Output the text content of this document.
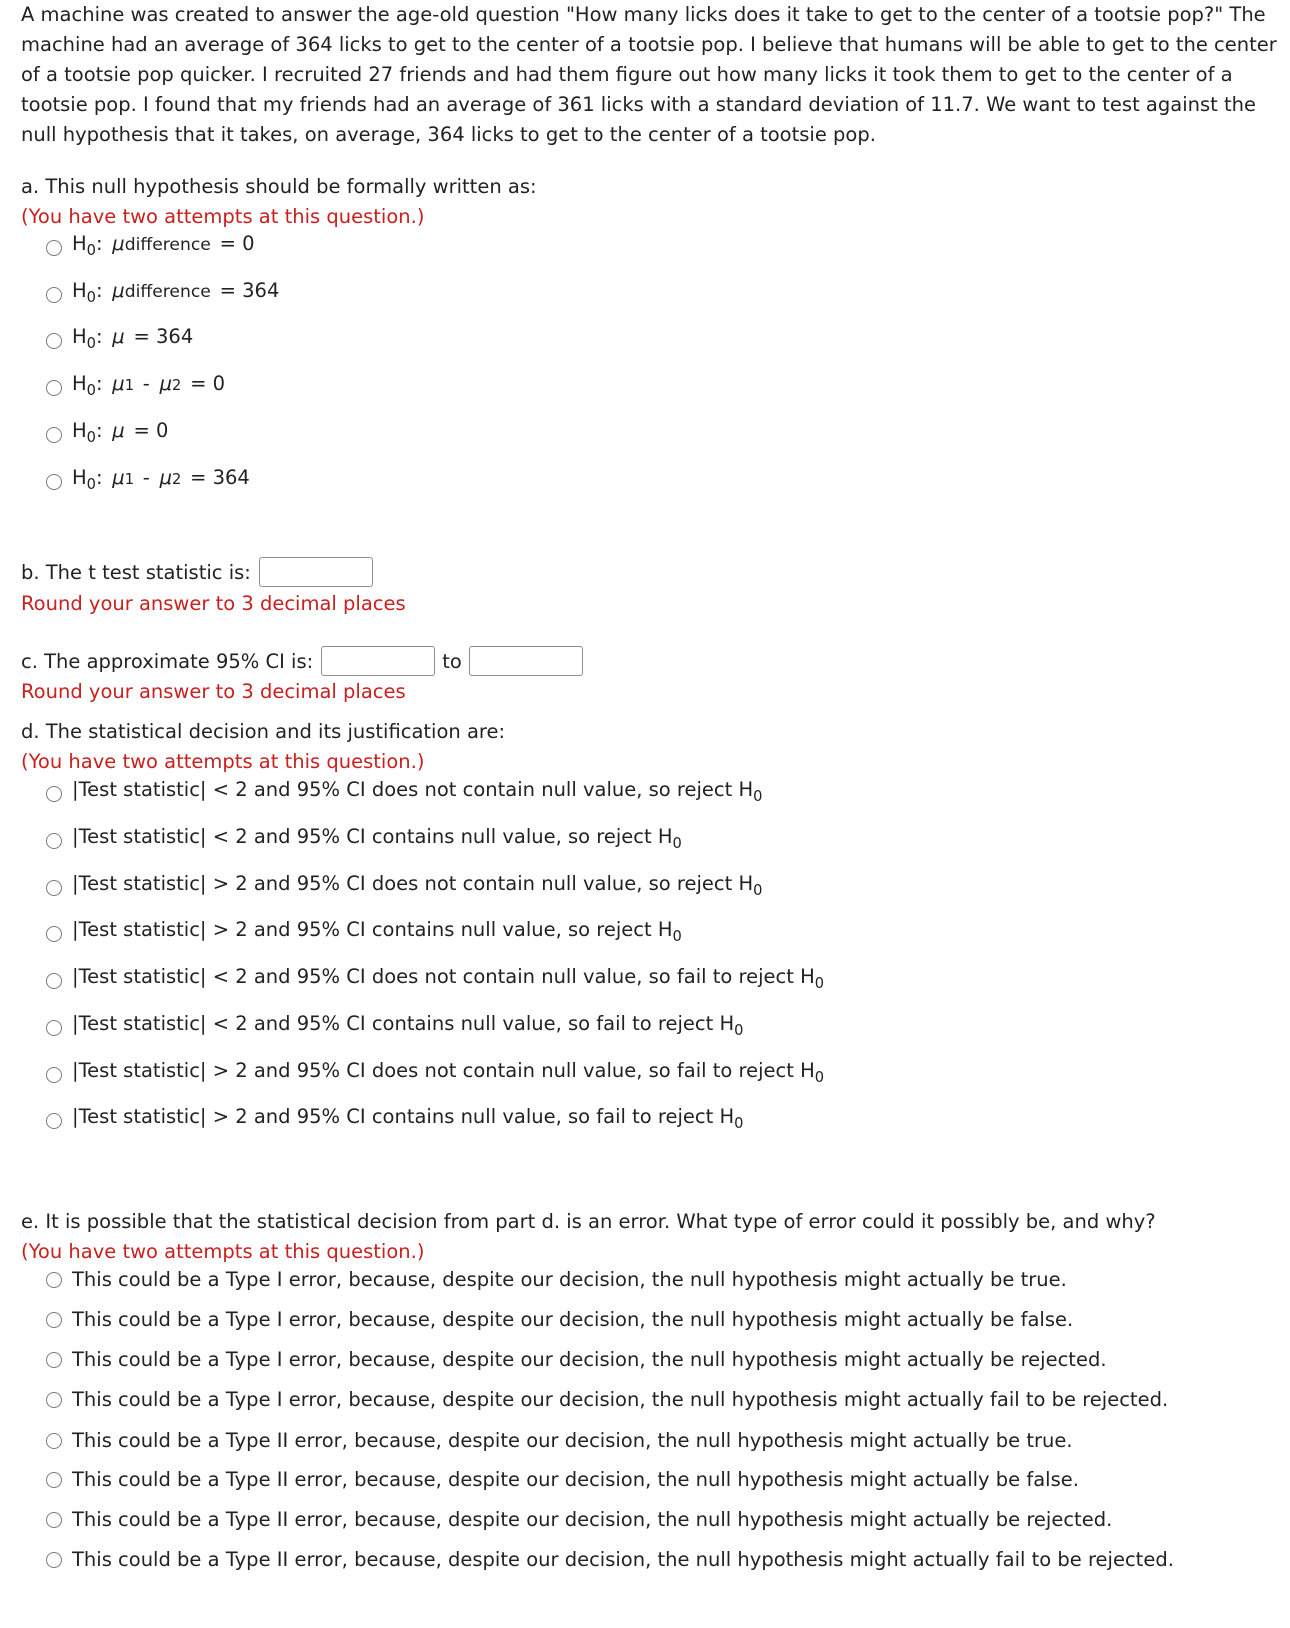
A machine was created to answer the age-old question "How many licks does it take to get to the center of a tootsie pop?" The machine had an average of 364 licks to get to the center of a tootsie pop. I believe that humans will be able to get to the center of a tootsie pop quicker. I recruited 27 friends and had them figure out how many licks it took them to get to the center of a tootsie pop. I found that my friends had an average of 361 licks with a standard deviation of 11.7. We want to test against the null hypothesis that it takes, on average, 364 licks to get to the center of a tootsie pop.

a. This null hypothesis should be formally written as:
(You have two attempts at this question.)
$H_0$: μ difference = 0
$H_0$: μ difference = 364
$H_0$: μ = 364
$H_0$: μ 1 - μ 2 = 0
$H_0$: μ = 0
$H_0$: μ 1 - μ 2 = 364
b. The t test statistic is:
Round your answer to 3 decimal places
c. The approximate 95% CI is:	to
Round your answer to 3 decimal places
d. The statistical decision and its justification are:
(You have two attempts at this question.)
|Test statistic| < 2 and 95% CI does not contain null value, so reject $H_0$
|Test statistic| < 2 and 95% CI contains null value, so reject $H_0$
|Test statistic| > 2 and 95% CI does not contain null value, so reject $H_0$
|Test statistic| > 2 and 95% CI contains null value, so reject $H_0$
|Test statistic| < 2 and 95% CI does not contain null value, so fail to reject $H_0$
|Test statistic| < 2 and 95% CI contains null value, so fail to reject $H_0$
|Test statistic| > 2 and 95% CI does not contain null value, so fail to reject $H_0$
|Test statistic| > 2 and 95% CI contains null value, so fail to reject $H_0$
e. It is possible that the statistical decision from part d. is an error. What type of error could it possibly be, and why?
(You have two attempts at this question.)
This could be a Type I error, because, despite our decision, the null hypothesis might actually be true.
This could be a Type I error, because, despite our decision, the null hypothesis might actually be false.
This could be a Type I error, because, despite our decision, the null hypothesis might actually be rejected.
This could be a Type I error, because, despite our decision, the null hypothesis might actually fail to be rejected.
This could be a Type II error, because, despite our decision, the null hypothesis might actually be true.
This could be a Type II error, because, despite our decision, the null hypothesis might actually be false.
This could be a Type II error, because, despite our decision, the null hypothesis might actually be rejected.
This could be a Type II error, because, despite our decision, the null hypothesis might actually fail to be rejected.
